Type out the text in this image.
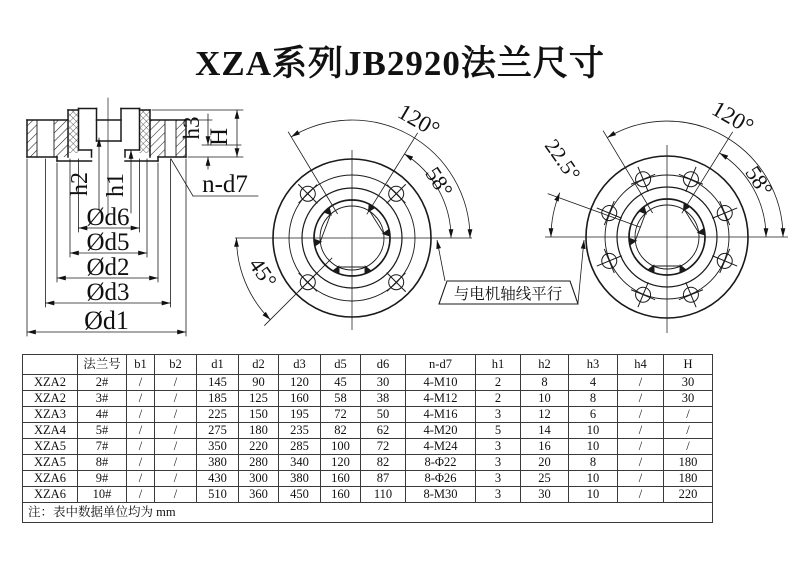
XZA系列JB2920法兰尺寸
Ød6
Ød5
Ød2
Ød3
Ød1
h2 h1
h3 H
n-d7
120°
58°
45°
22.5°
120°
58°
与电机轴线平行
	法兰号	b1	b2	d1	d2	d3	d5	d6	n-d7	h1	h2	h3	h4	H
XZA2	2#	/	/	145	90	120	45	30	4-M10	2	8	4	/	30
XZA2	3#	/	/	185	125	160	58	38	4-M12	2	10	8	/	30
XZA3	4#	/	/	225	150	195	72	50	4-M16	3	12	6	/	/
XZA4	5#	/	/	275	180	235	82	62	4-M20	5	14	10	/	/
XZA5	7#	/	/	350	220	285	100	72	4-M24	3	16	10	/	/
XZA5	8#	/	/	380	280	340	120	82	8-Φ22	3	20	8	/	180
XZA6	9#	/	/	430	300	380	160	87	8-Φ26	3	25	10	/	180
XZA6	10#	/	/	510	360	450	160	110	8-M30	3	30	10	/	220
注：表中数据单位均为 mm														
